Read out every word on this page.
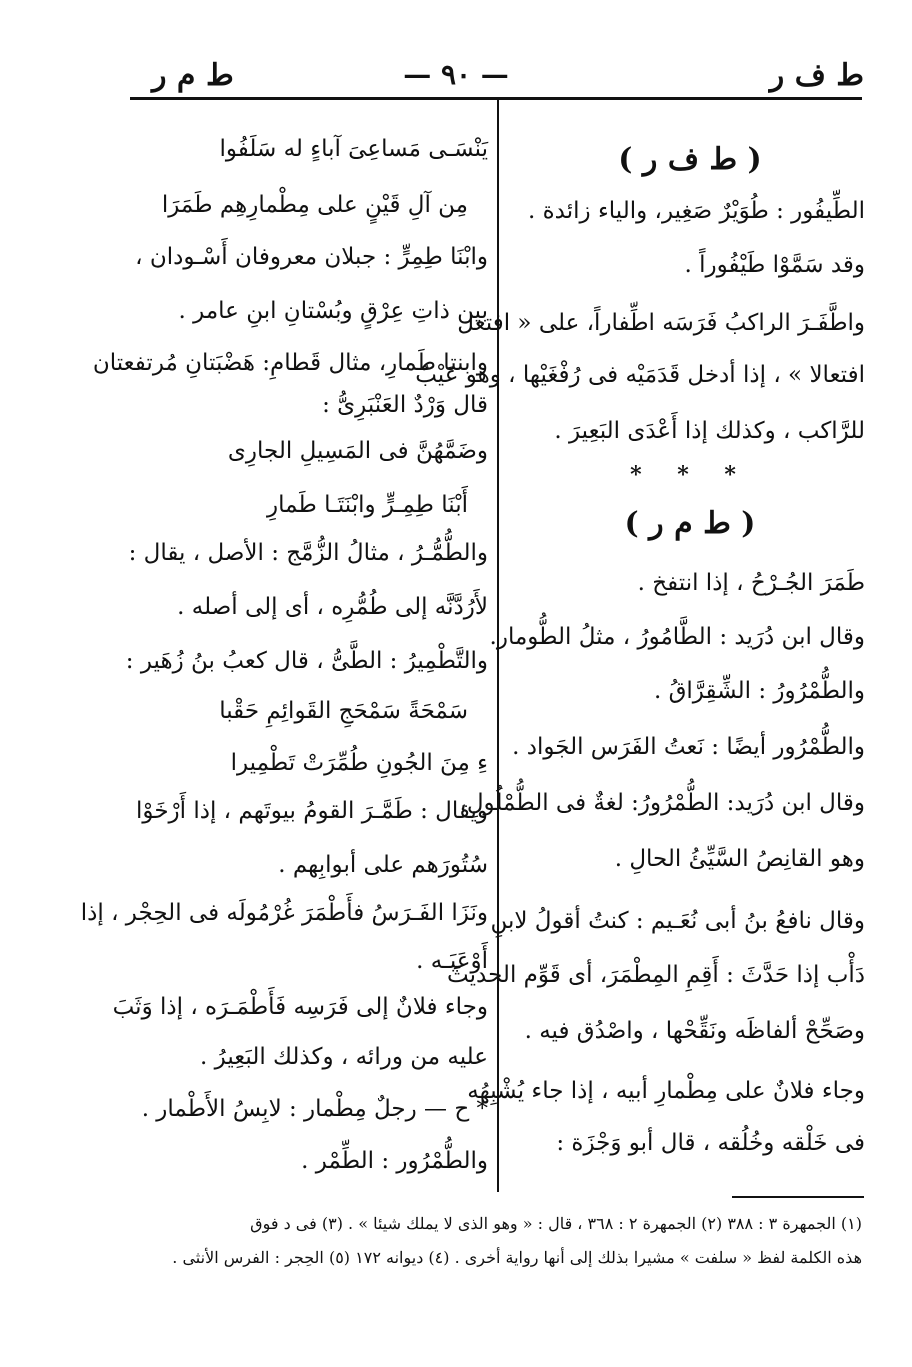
ط ف ر
— ٩٠ —
ط م ر
( ط ف ر )
الطِّيفُور : طُوَيْرٌ صَغِير، والياء زائدة .
وقد سَمَّوْا طَيْفُوراً .
واطَّفَـرَ الراكبُ فَرَسَه اطِّفاراً، على « افتعل
افتعالا » ، إذا أدخل قَدَمَيْه فى رُفْغَيْها ، وهو عَيْبٌ
للرَّاكب ، وكذلك إذا أَعْدَى البَعِيرَ .
* * *
( ط م ر )
طَمَرَ الجُـرْحُ ، إذا انتفخ .
وقال ابن دُرَيد : الطَّامُورُ ، مثلُ الطُّومار.
والطُّمْرُورُ : الشِّقِرَّاقُ .
والطُّمْرُور أيضًا : نَعتُ الفَرَس الجَواد .
وقال ابن دُرَيد: الطُّمْرُورُ: لغةٌ فى الطُّمْلُولِ،
وهو القانِصُ السَّيِّئُ الحالِ .
وقال نافعُ بنُ أبى نُعَـيم : كنتُ أقولُ لابنِ
دَأْب إذا حَدَّثَ : أَقِمِ المِطْمَرَ، أى قَوِّم الحديثَ
وصَحِّحْ ألفاظَه ونَقِّحْها ، واصْدُق فيه .
وجاء فلانٌ على مِطْمارِ أبيه ، إذا جاء يُشْبِهُه
فى خَلْقه وخُلُقه ، قال أبو وَجْزَة :
يَنْسَـى مَساعِىَ آباءٍ له سَلَفُوا
مِن آلِ قَيْنٍ على مِطْمارِهِم طَمَرَا
وابْنَا طِمِرٍّ : جبلان معروفان أَسْـودان ،
بين ذاتِ عِرْقٍ وبُسْتانِ ابنِ عامر .
وابنتا طَمارِ، مثال قَطامِ: هَضْبَتانِ مُرتفعتان
قال وَرْدٌ العَنْبَرِىُّ :
وضَمَّهُنَّ فى المَسِيلِ الجارِى
أَبْنَا طِمِـرٍّ وابْنَتَـا طَمارِ
والطُّمُّـرُ ، مثالُ الزُّمَّج : الأصل ، يقال :
لأَرُدَّنَّه إلى طُمُّرِه ، أى إلى أصله .
والتَّطْمِيرُ : الطَّىُّ ، قال كعبُ بنُ زُهَير :
سَمْحَةً سَمْحَجِ القَوائِمِ حَقْبا
ءِ مِنَ الجُونِ طُمِّرَتْ تَطْمِيرا
ويقال : طَمَّـرَ القومُ بيوتَهم ، إذا أَرْخَوْا
سُتُورَهم على أبوابِهم .
ونَزَا الفَـرَسُ فأَطْمَرَ غُرْمُولَه فى الحِجْر ، إذا
أَوْعَبَـه .
وجاء فلانٌ إلى فَرَسِه فَأَطْمَـرَه ، إذا وَثَبَ
عليه من ورائه ، وكذلك البَعِيرُ .
* ح — رجلٌ مِطْمار : لابِسُ الأَطْمار .
والطُّمْرُور : الطِّمْر .
(١) الجمهرة ٣ : ٣٨٨ (٢) الجمهرة ٢ : ٣٦٨ ، قال : « وهو الذى لا يملك شيئا » . (٣) فى د فوق
هذه الكلمة لفظ « سلفت » مشيرا بذلك إلى أنها رواية أخرى . (٤) ديوانه ١٧٢ (٥) الحِجر : الفرس الأنثى .
